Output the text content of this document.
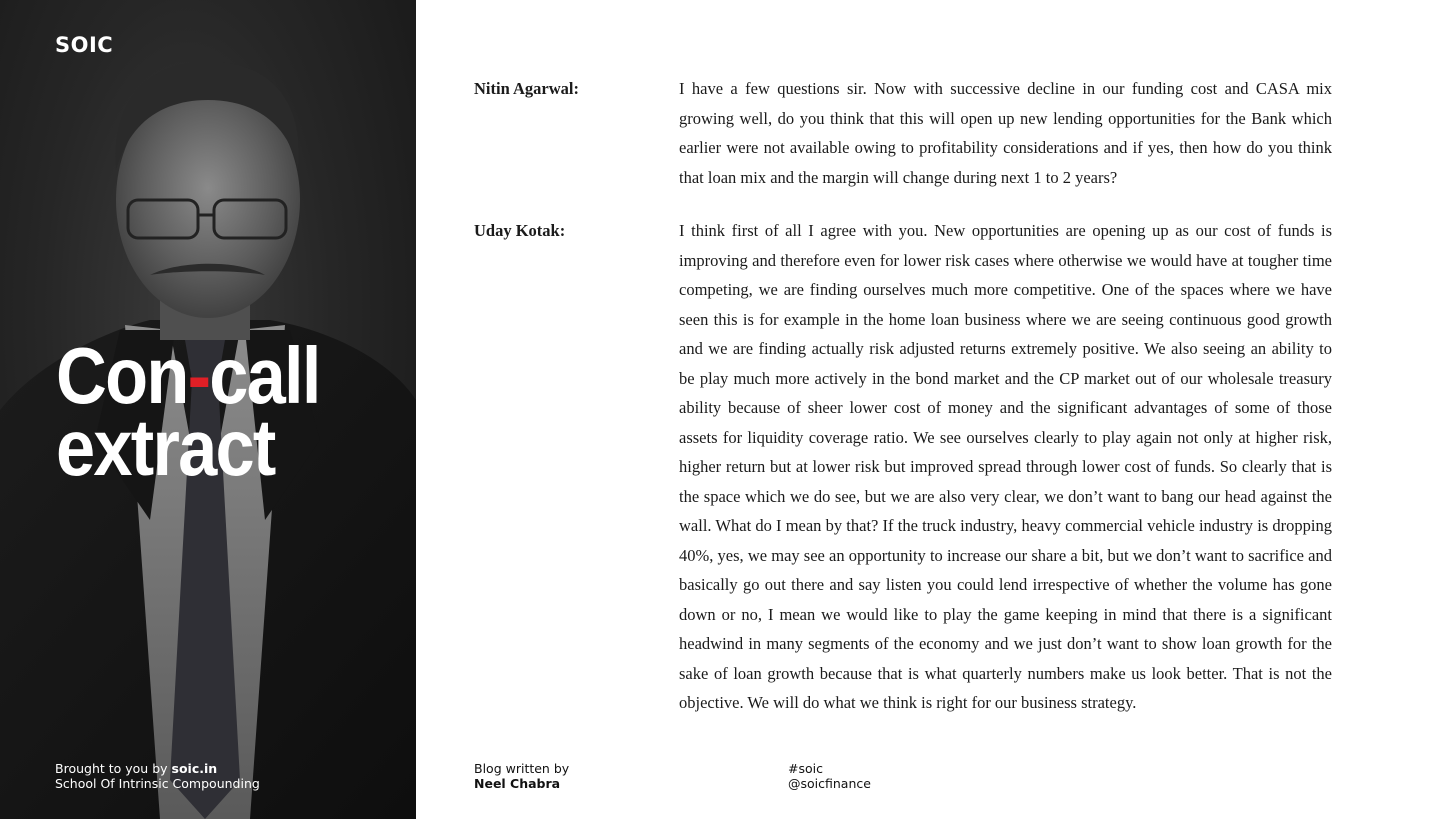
SOIC
Con-call
extract
Brought to you by soic.in
School Of Intrinsic Compounding
Nitin Agarwal:	I have a few questions sir. Now with successive decline in our funding cost and CASA mix growing well, do you think that this will open up new lending opportunities for the Bank which earlier were not available owing to profitability considerations and if yes, then how do you think that loan mix and the margin will change during next 1 to 2 years?
Uday Kotak:	I think first of all I agree with you. New opportunities are opening up as our cost of funds is improving and therefore even for lower risk cases where otherwise we would have at tougher time competing, we are finding ourselves much more competitive. One of the spaces where we have seen this is for example in the home loan business where we are seeing continuous good growth and we are finding actually risk adjusted returns extremely positive. We also seeing an ability to be play much more actively in the bond market and the CP market out of our wholesale treasury ability because of sheer lower cost of money and the significant advantages of some of those assets for liquidity coverage ratio. We see ourselves clearly to play again not only at higher risk, higher return but at lower risk but improved spread through lower cost of funds. So clearly that is the space which we do see, but we are also very clear, we don’t want to bang our head against the wall. What do I mean by that? If the truck industry, heavy commercial vehicle industry is dropping 40%, yes, we may see an opportunity to increase our share a bit, but we don’t want to sacrifice and basically go out there and say listen you could lend irrespective of whether the volume has gone down or no, I mean we would like to play the game keeping in mind that there is a significant headwind in many segments of the economy and we just don’t want to show loan growth for the sake of loan growth because that is what quarterly numbers make us look better. That is not the objective. We will do what we think is right for our business strategy.
Blog written by
Neel Chabra
#soic
@soicfinance
